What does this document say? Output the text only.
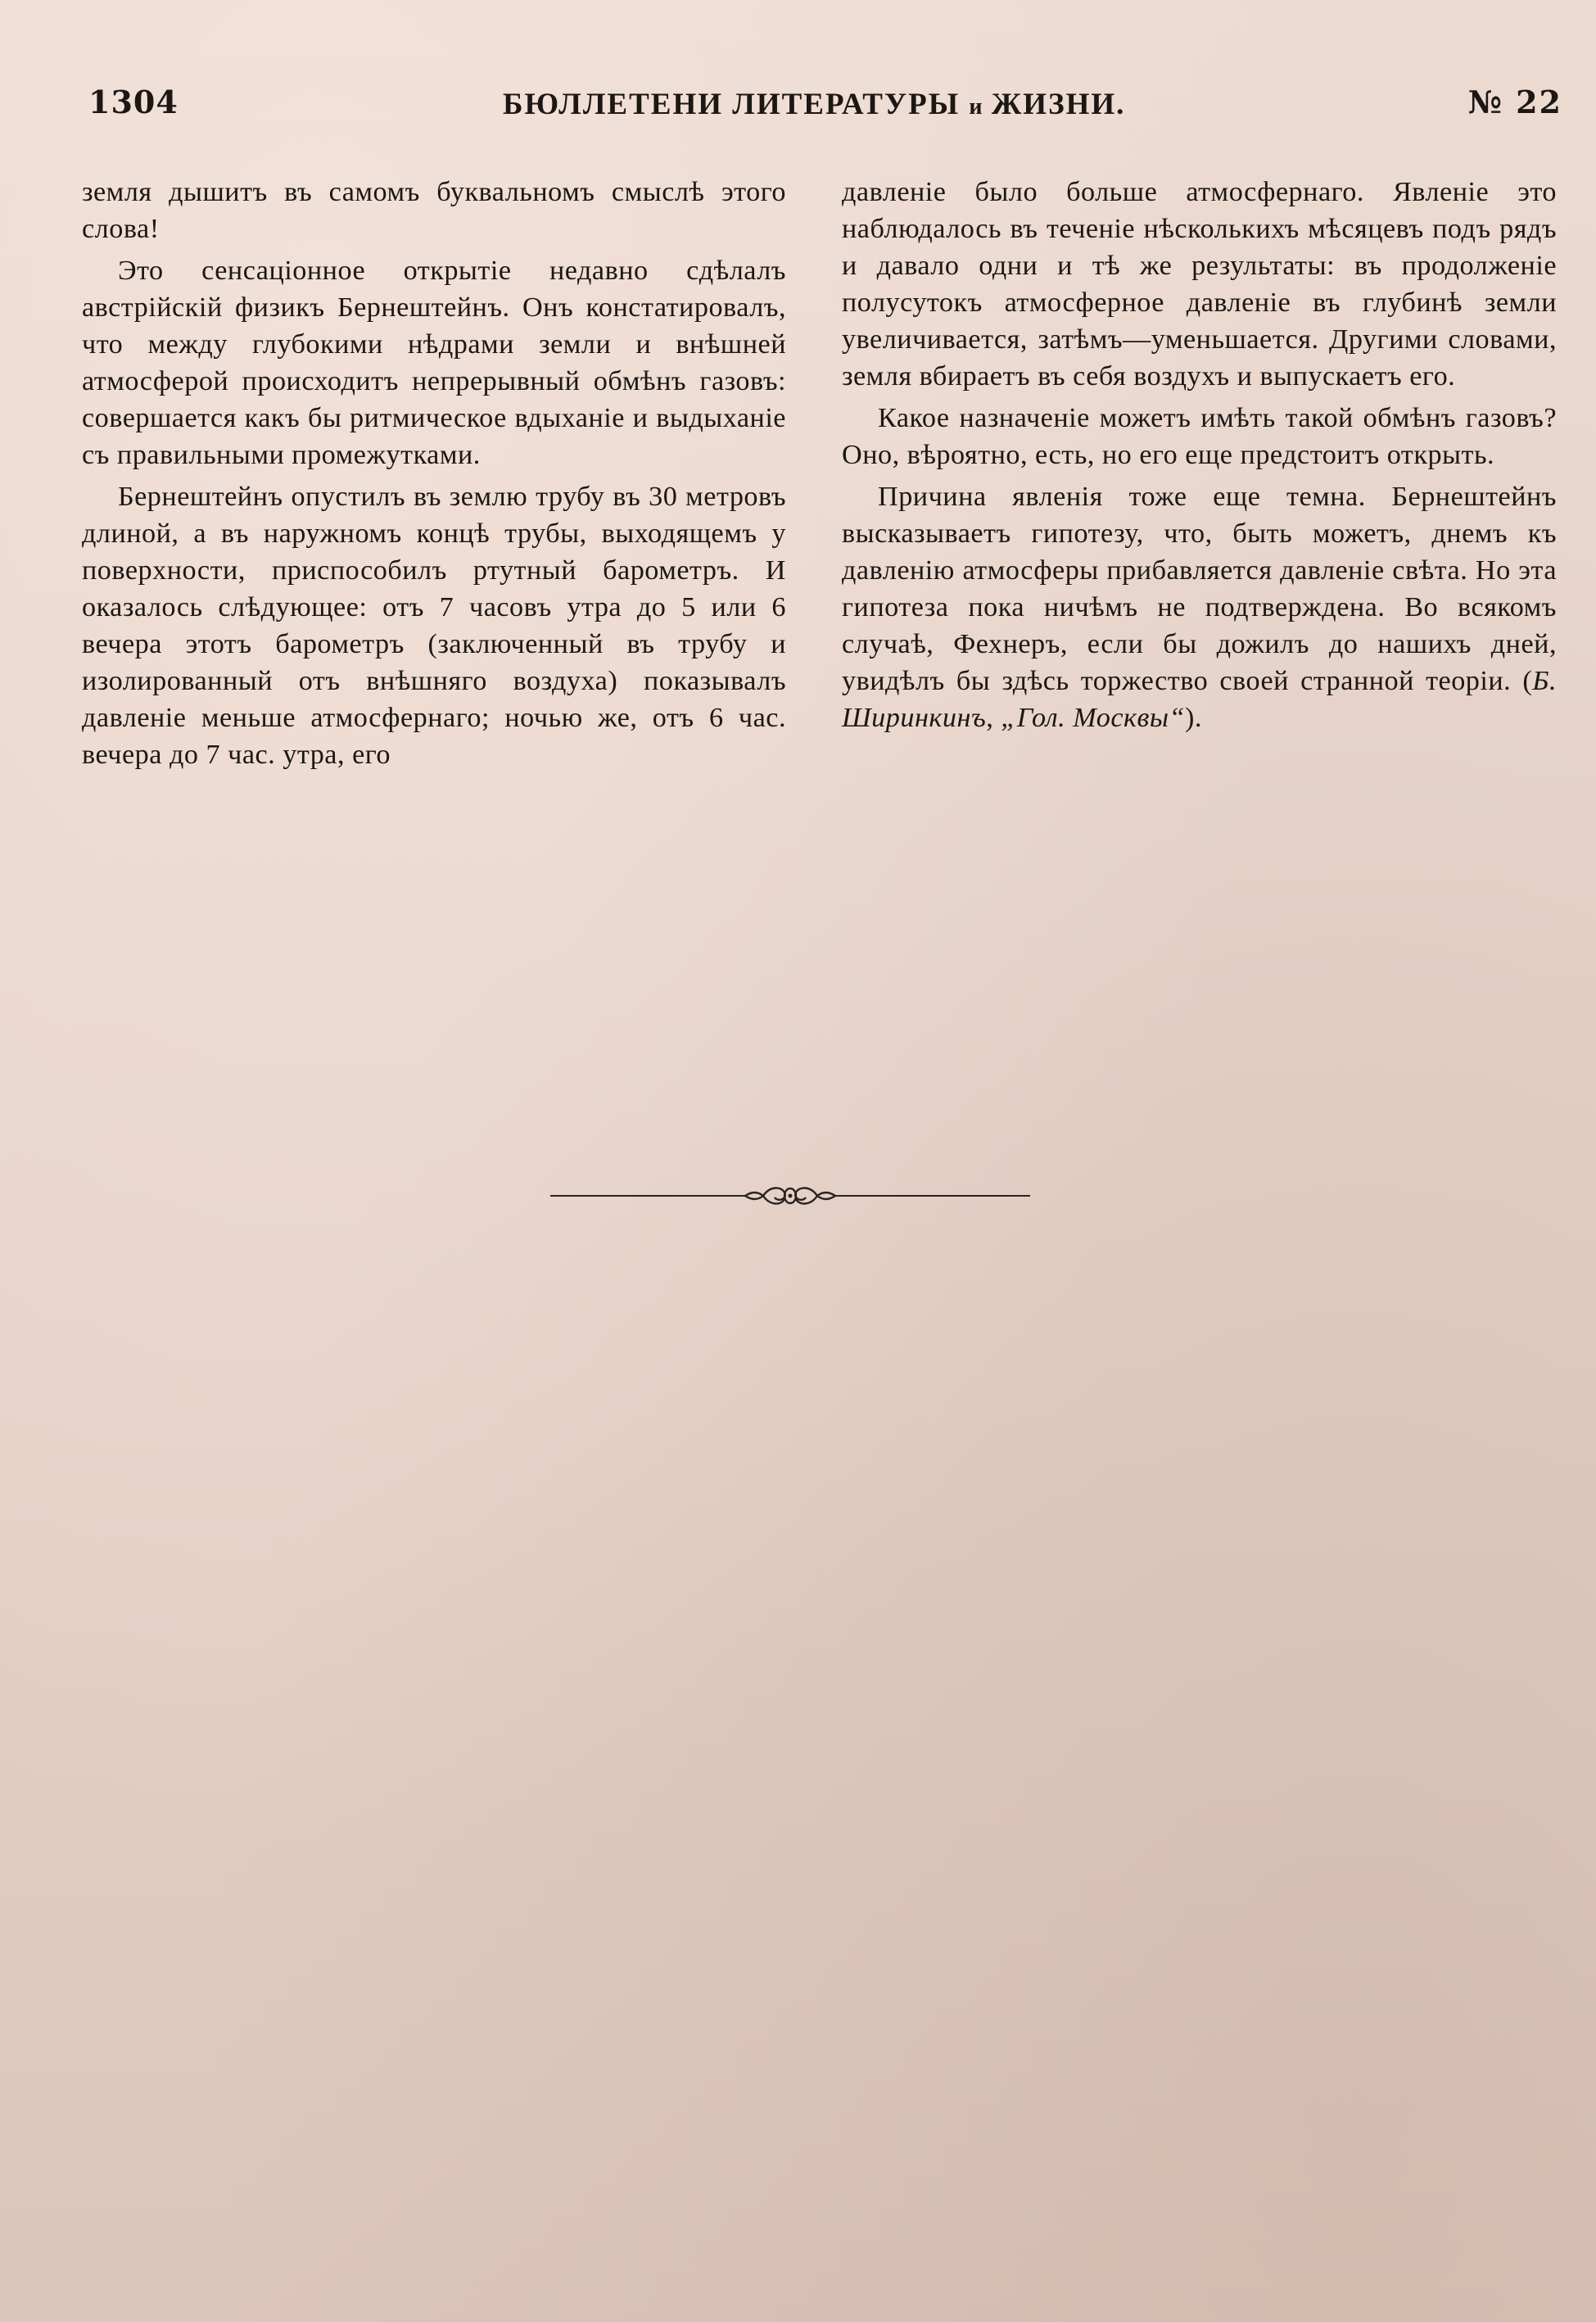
1304	БЮЛЛЕТЕНИ ЛИТЕРАТУРЫ и ЖИЗНИ.	№ 22

земля дышитъ въ самомъ буквальномъ смыслѣ этого слова!

Это сенсаціонное открытіе недавно сдѣлалъ австрійскій физикъ Бернештейнъ. Онъ констатировалъ, что между глубокими нѣдрами земли и внѣшней атмосферой происходитъ непрерывный обмѣнъ газовъ: совершается какъ бы ритмическое вдыханіе и выдыханіе съ правильными промежутками.

Бернештейнъ опустилъ въ землю трубу въ 30 метровъ длиной, а въ наружномъ концѣ трубы, выходящемъ у поверхности, приспособилъ ртутный барометръ. И оказалось слѣдующее: отъ 7 часовъ утра до 5 или 6 вечера этотъ барометръ (заключенный въ трубу и изолированный отъ внѣшняго воздуха) показывалъ давленіе меньше атмосфернаго; ночью же, отъ 6 час. вечера до 7 час. утра, его

давленіе было больше атмосфернаго. Явленіе это наблюдалось въ теченіе нѣсколькихъ мѣсяцевъ подъ рядъ и давало одни и тѣ же результаты: въ продолженіе полусутокъ атмосферное давленіе въ глубинѣ земли увеличивается, затѣмъ—уменьшается. Другими словами, земля вбираетъ въ себя воздухъ и выпускаетъ его.

Какое назначеніе можетъ имѣть такой обмѣнъ газовъ? Оно, вѣроятно, есть, но его еще предстоитъ открыть.

Причина явленія тоже еще темна. Бернештейнъ высказываетъ гипотезу, что, быть можетъ, днемъ къ давленію атмосферы прибавляется давленіе свѣта. Но эта гипотеза пока ничѣмъ не подтверждена. Во всякомъ случаѣ, Фехнеръ, если бы дожилъ до нашихъ дней, увидѣлъ бы здѣсь торжество своей странной теоріи. (Б. Ширинкинъ, „Гол. Москвы“).
